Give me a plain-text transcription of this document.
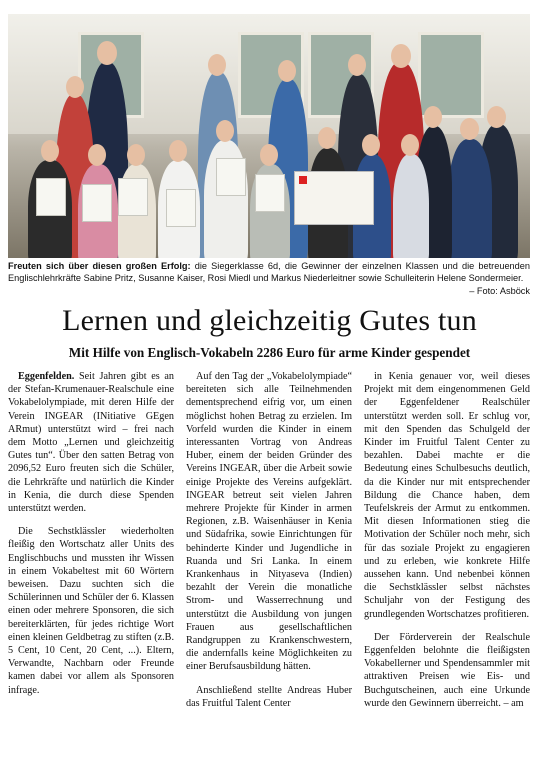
Freuten sich über diesen großen Erfolg: die Siegerklasse 6d, die Gewinner der einzelnen Klassen und die betreuenden Englischlehrkräfte Sabine Pritz, Susanne Kaiser, Rosi Miedl und Markus Niederleitner sowie Schulleiterin Helene Sondermeier.
– Foto: Asböck
Lernen und gleichzeitig Gutes tun
Mit Hilfe von Englisch-Vokabeln 2286 Euro für arme Kinder gespendet

Eggenfelden. Seit Jahren gibt es an der Stefan-Krumenauer-Realschule eine Vokabelolympiade, mit deren Hilfe der Verein INGEAR (INitiative GEgen ARmut) unterstützt wird – frei nach dem Motto „Lernen und gleichzeitig Gutes tun“. Über den satten Betrag von 2096,52 Euro freuten sich die Schüler, die Lehrkräfte und natürlich die Kinder in Kenia, die durch diese Spenden unterstützt werden.

Die Sechstklässler wiederholten fleißig den Wortschatz aller Units des Englischbuchs und mussten ihr Wissen in einem Vokabeltest mit 60 Wörtern beweisen. Dazu suchten sich die Schülerinnen und Schüler der 6. Klassen einen oder mehrere Sponsoren, die sich bereiterklärten, für jedes richtige Wort einen kleinen Geldbetrag zu stiften (z.B. 5 Cent, 10 Cent, 20 Cent, ...). Eltern, Verwandte, Nachbarn oder Freunde kamen dabei vor allem als Sponsoren infrage.

Auf den Tag der „Vokabelolympiade“ bereiteten sich alle Teilnehmenden dementsprechend eifrig vor, um einen möglichst hohen Betrag zu erzielen. Im Vorfeld wurden die Kinder in einem interessanten Vortrag von Andreas Huber, einem der beiden Gründer des Vereins INGEAR, über die Arbeit sowie einige Projekte des Vereins aufgeklärt. INGEAR betreut seit vielen Jahren mehrere Projekte für Kinder in armen Regionen, z.B. Waisenhäuser in Kenia und Südafrika, sowie Einrichtungen für behinderte Kinder und Jugendliche in Ruanda und Sri Lanka. In einem Krankenhaus in Nityaseva (Indien) bezahlt der Verein die monatliche Strom- und Wasserrechnung und unterstützt die Ausbildung von jungen Frauen aus gesellschaftlichen Randgruppen zu Krankenschwestern, die andernfalls keine Möglichkeiten zu einer Berufsausbildung hätten.

Anschließend stellte Andreas Huber das Fruitful Talent Center

in Kenia genauer vor, weil dieses Projekt mit dem eingenommenen Geld der Eggenfeldener Realschüler unterstützt werden soll. Er schlug vor, mit den Spenden das Schulgeld der Kinder im Fruitful Talent Center zu bezahlen. Dabei machte er die Bedeutung eines Schulbesuchs deutlich, da die Kinder nur mit entsprechender Bildung die Chance haben, dem Teufelskreis der Armut zu entkommen. Mit diesen Informationen stieg die Motivation der Schüler noch mehr, sich für das soziale Projekt zu engagieren und zu erleben, wie konkrete Hilfe aussehen kann. Und nebenbei können die Sechstklässler selbst nächstes Schuljahr von der Festigung des grundlegenden Wortschatzes profitieren.

Der Förderverein der Realschule Eggenfelden belohnte die fleißigsten Vokabellerner und Spendensammler mit attraktiven Preisen wie Eis- und Buchgutscheinen, auch eine Urkunde wurde den Gewinnern überreicht. – am
